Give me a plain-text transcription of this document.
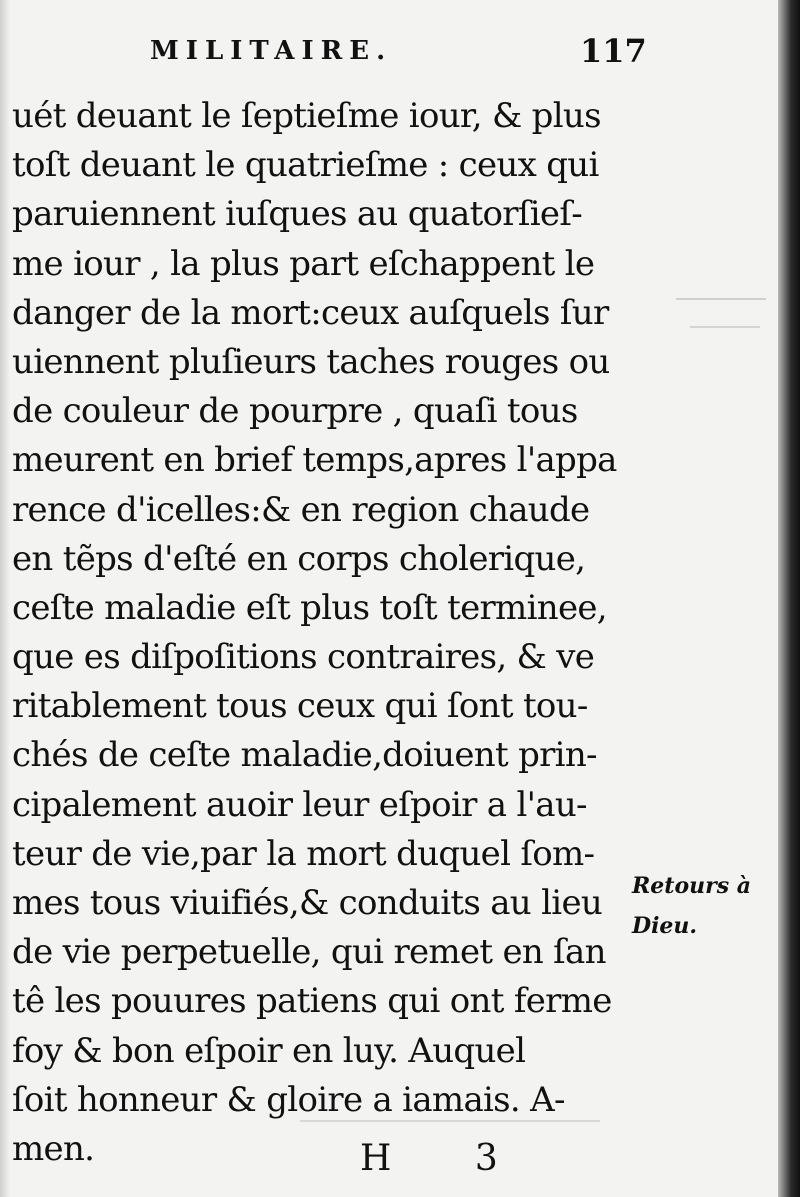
MILITAIRE.	117
uét deuant le ſeptieſme iour, & plus
toſt deuant le quatrieſme : ceux qui
paruiennent iuſques au quatorſieſ-
me iour , la plus part eſchappent le
danger de la mort:ceux auſquels ſur
uiennent pluſieurs taches rouges ou
de couleur de pourpre , quaſi tous
meurent en brief temps,apres l'appa
rence d'icelles:& en region chaude
en tẽps d'eſté en corps cholerique,
ceſte maladie eſt plus toſt terminee,
que es diſpoſitions contraires, & ve
ritablement tous ceux qui ſont tou-
chés de ceſte maladie,doiuent prin-
cipalement auoir leur eſpoir a l'au-
teur de vie,par la mort duquel ſom-
mes tous viuifiés,& conduits au lieu
de vie perpetuelle, qui remet en ſan
tê les pouures patiens qui ont ferme
foy & bon eſpoir en luy. Auquel
ſoit honneur & gloire a iamais. A-
men.
Retours à
Dieu.
H 3
